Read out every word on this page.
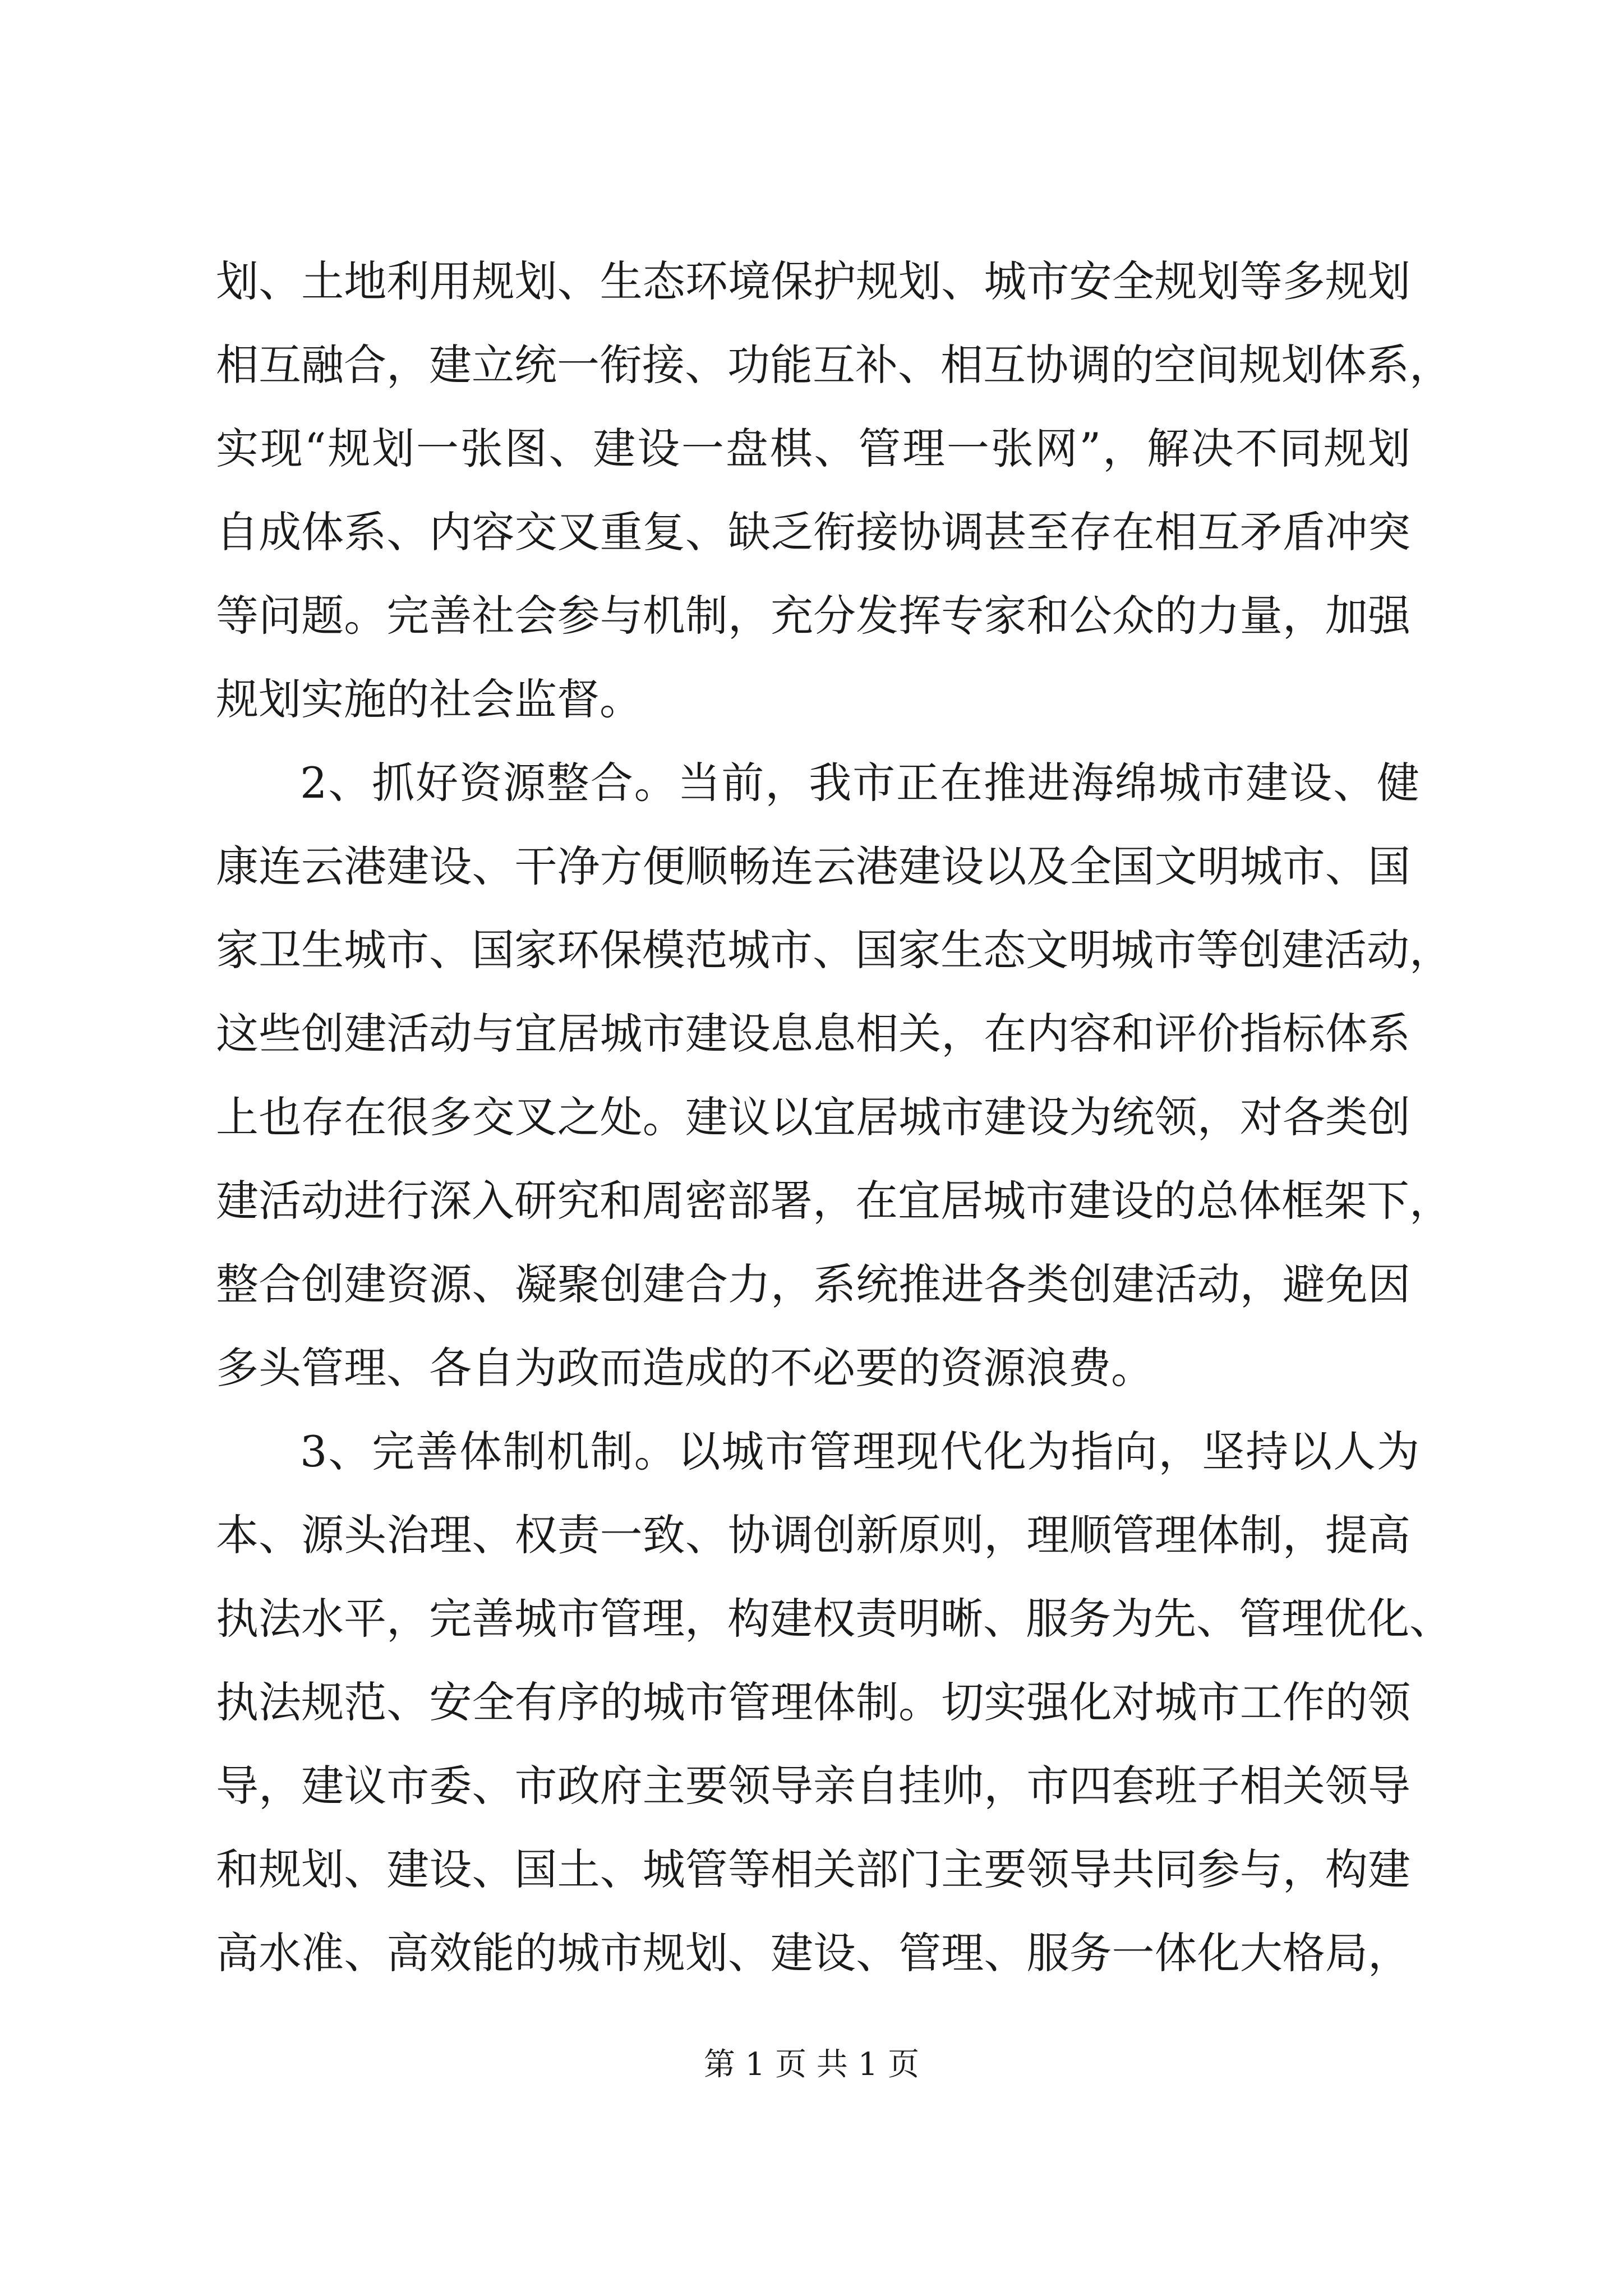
划、土地利用规划、生态环境保护规划、城市安全规划等多规划
相互融合，建立统一衔接、功能互补、相互协调的空间规划体系，
实现“规划一张图、建设一盘棋、管理一张网”，解决不同规划
自成体系、内容交叉重复、缺乏衔接协调甚至存在相互矛盾冲突
等问题。完善社会参与机制，充分发挥专家和公众的力量，加强
规划实施的社会监督。
2、抓好资源整合。当前，我市正在推进海绵城市建设、健
康连云港建设、干净方便顺畅连云港建设以及全国文明城市、国
家卫生城市、国家环保模范城市、国家生态文明城市等创建活动，
这些创建活动与宜居城市建设息息相关，在内容和评价指标体系
上也存在很多交叉之处。建议以宜居城市建设为统领，对各类创
建活动进行深入研究和周密部署，在宜居城市建设的总体框架下，
整合创建资源、凝聚创建合力，系统推进各类创建活动，避免因
多头管理、各自为政而造成的不必要的资源浪费。
3、完善体制机制。以城市管理现代化为指向，坚持以人为
本、源头治理、权责一致、协调创新原则，理顺管理体制，提高
执法水平，完善城市管理，构建权责明晰、服务为先、管理优化、
执法规范、安全有序的城市管理体制。切实强化对城市工作的领
导，建议市委、市政府主要领导亲自挂帅，市四套班子相关领导
和规划、建设、国土、城管等相关部门主要领导共同参与，构建
高水准、高效能的城市规划、建设、管理、服务一体化大格局，
第 1 页 共 1 页
